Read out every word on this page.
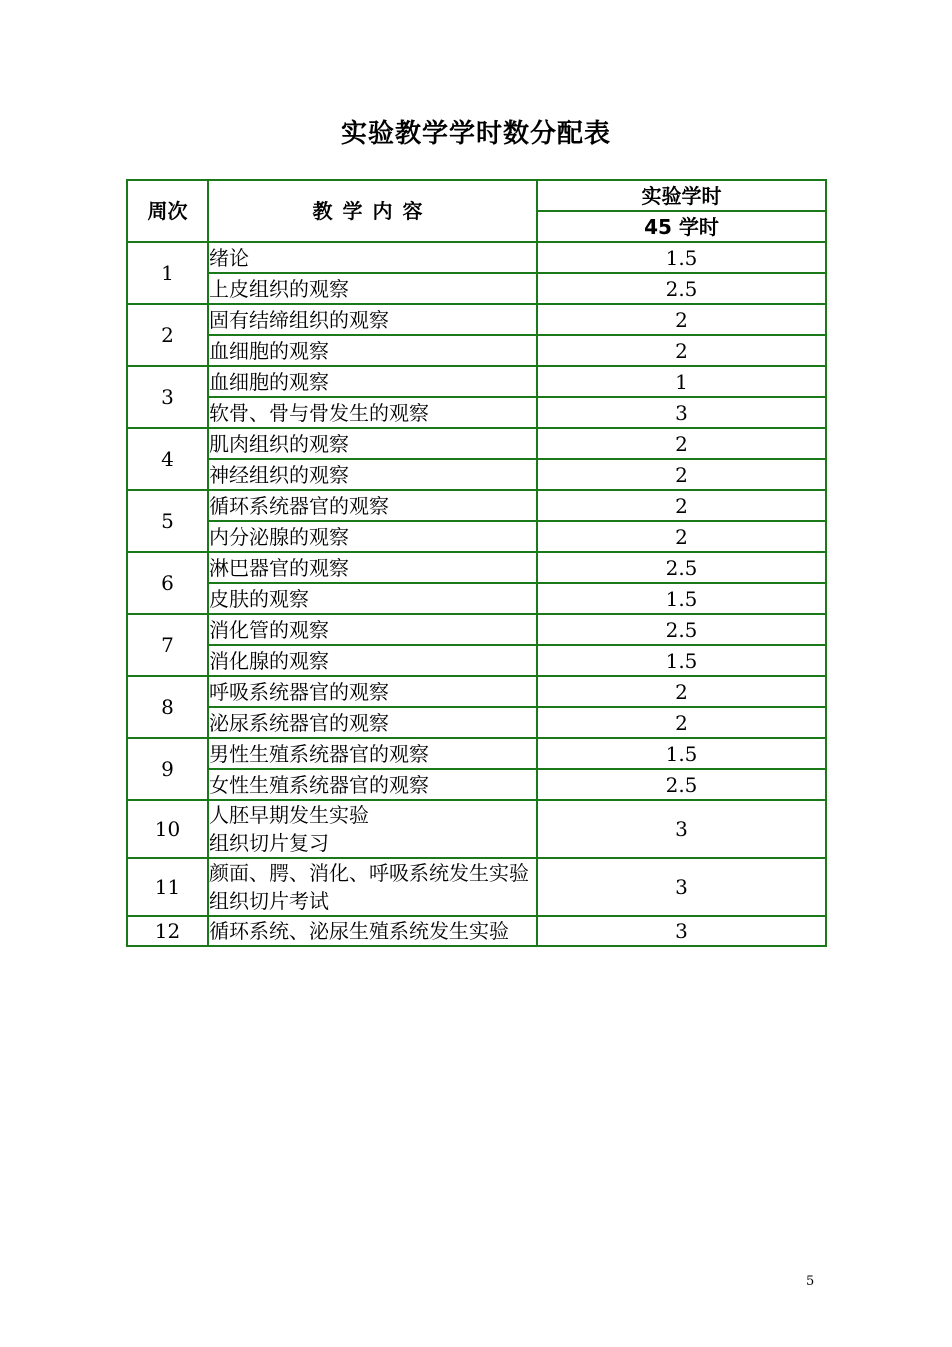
实验教学学时数分配表
周次	教学内容	实验学时
		45 学时
1	绪论	1.5

	上皮组织的观察	2.5
2	固有结缔组织的观察	2

	血细胞的观察	2
3	血细胞的观察	1

	软骨、骨与骨发生的观察	3
4	肌肉组织的观察	2

	神经组织的观察	2
5	循环系统器官的观察	2

	内分泌腺的观察	2
6	淋巴器官的观察	2.5

	皮肤的观察	1.5
7	消化管的观察	2.5

	消化腺的观察	1.5
8	呼吸系统器官的观察	2

	泌尿系统器官的观察	2
9	男性生殖系统器官的观察	1.5

	女性生殖系统器官的观察	2.5
10	人胚早期发生实验
组织切片复习	3
11	颜面、腭、消化、呼吸系统发生实验
组织切片考试	3
12	循环系统、泌尿生殖系统发生实验	3
5
